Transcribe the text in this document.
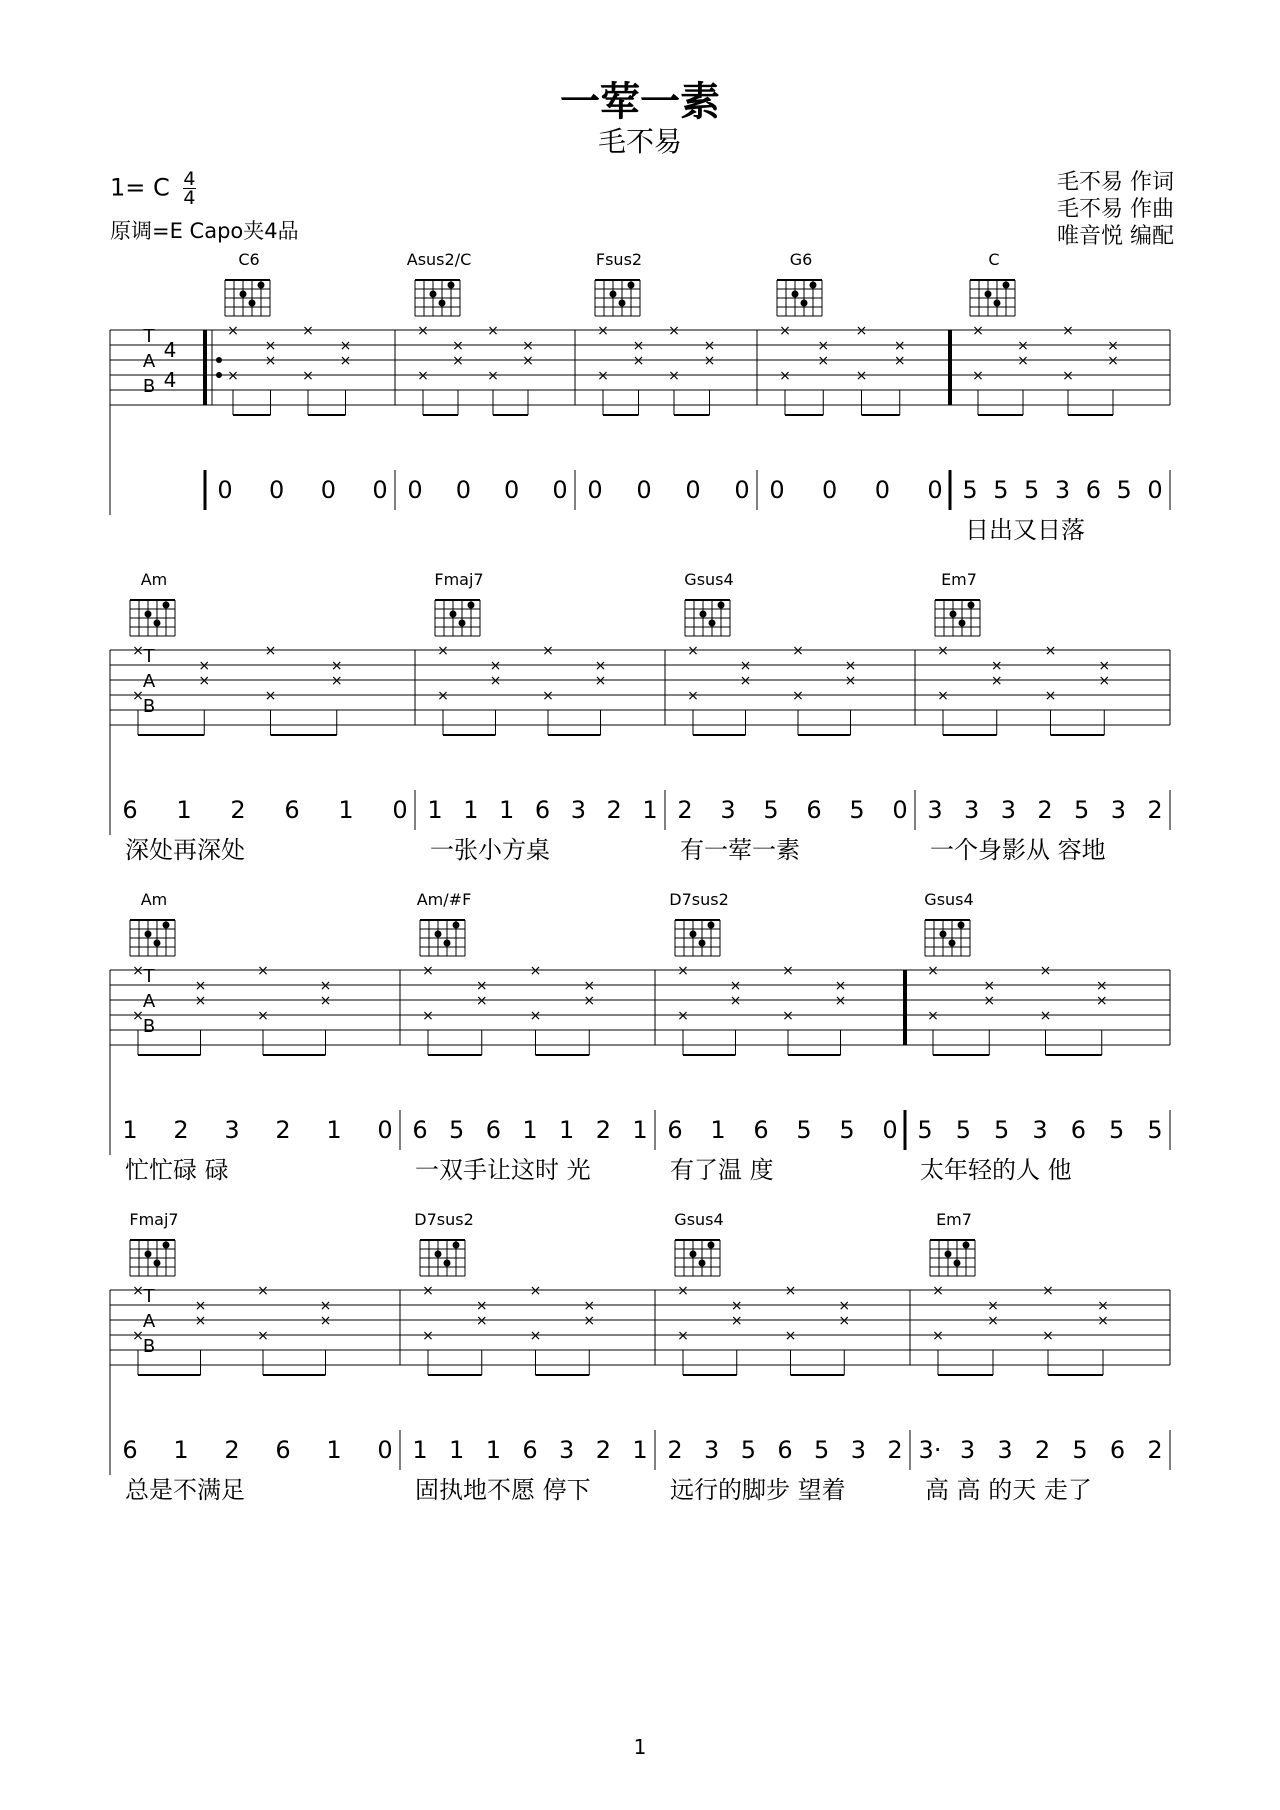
一荤一素
毛不易
1= C $\frac{4}{4}$
原调=E Capo夹4品
毛不易 作词
毛不易 作曲
唯音悦 编配
T
A
B
4
4
C6
×
×
×
×
×
×
×
×
0 0 0 0
Asus2/C
×
×
×
×
×
×
×
×
0 0 0 0
Fsus2
×
×
×
×
×
×
×
×
0 0 0 0
G6
×
×
×
×
×
×
×
×
0 0 0 0
C
×
×
×
×
×
×
×
×
5 5 5 3 6 5 0
日出又日落
T
A
B
Am
×
×
×
×
×
×
×
×
6 1 2 6 1 0
深处再深处
Fmaj7
×
×
×
×
×
×
×
×
1 1 1 6 3 2 1
一张小方桌
Gsus4
×
×
×
×
×
×
×
×
2 3 5 6 5 0
有一荤一素
Em7
×
×
×
×
×
×
×
×
3 3 3 2 5 3 2
一个身影从 容地
T
A
B
Am
×
×
×
×
×
×
×
×
1 2 3 2 1 0
忙忙碌 碌
Am/#F
×
×
×
×
×
×
×
×
6 5 6 1 1 2 1
一双手让这时 光
D7sus2
×
×
×
×
×
×
×
×
6 1 6 5 5 0
有了温 度
Gsus4
×
×
×
×
×
×
×
×
5 5 5 3 6 5 5
太年轻的人 他
T
A
B
Fmaj7
×
×
×
×
×
×
×
×
6 1 2 6 1 0
总是不满足
D7sus2
×
×
×
×
×
×
×
×
1 1 1 6 3 2 1
固执地不愿 停下
Gsus4
×
×
×
×
×
×
×
×
2 3 5 6 5 3 2
远行的脚步 望着
Em7
×
×
×
×
×
×
×
×
3· 3 3 2 5 6 2
高 高 的天 走了
1
